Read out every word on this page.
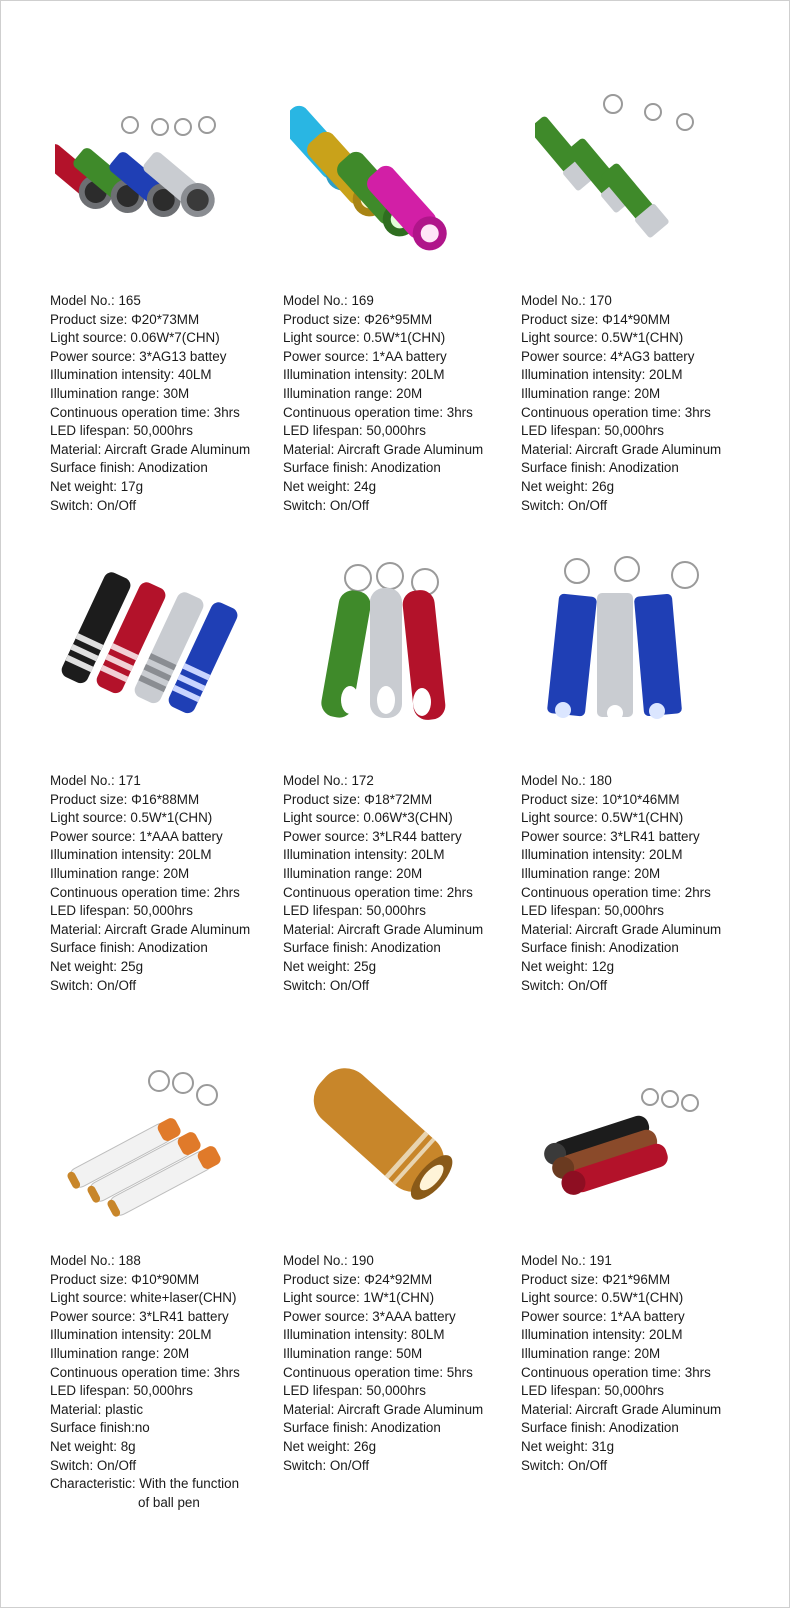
Model No.: 165
Product size: Φ20*73MM
Light source: 0.06W*7(CHN)
Power source: 3*AG13 battey
Illumination intensity: 40LM
Illumination range: 30M
Continuous operation time: 3hrs
LED lifespan: 50,000hrs
Material: Aircraft Grade Aluminum
Surface finish: Anodization
Net weight: 17g
Switch: On/Off
Model No.: 169
Product size: Φ26*95MM
Light source: 0.5W*1(CHN)
Power source: 1*AA battery
Illumination intensity: 20LM
Illumination range: 20M
Continuous operation time: 3hrs
LED lifespan: 50,000hrs
Material: Aircraft Grade Aluminum
Surface finish: Anodization
Net weight: 24g
Switch: On/Off
Model No.: 170
Product size: Φ14*90MM
Light source: 0.5W*1(CHN)
Power source: 4*AG3 battery
Illumination intensity: 20LM
Illumination range: 20M
Continuous operation time: 3hrs
LED lifespan: 50,000hrs
Material: Aircraft Grade Aluminum
Surface finish: Anodization
Net weight: 26g
Switch: On/Off
Model No.: 171
Product size: Φ16*88MM
Light source: 0.5W*1(CHN)
Power source: 1*AAA battery
Illumination intensity: 20LM
Illumination range: 20M
Continuous operation time: 2hrs
LED lifespan: 50,000hrs
Material: Aircraft Grade Aluminum
Surface finish: Anodization
Net weight: 25g
Switch: On/Off
Model No.: 172
Product size: Φ18*72MM
Light source: 0.06W*3(CHN)
Power source: 3*LR44 battery
Illumination intensity: 20LM
Illumination range: 20M
Continuous operation time: 2hrs
LED lifespan: 50,000hrs
Material: Aircraft Grade Aluminum
Surface finish: Anodization
Net weight: 25g
Switch: On/Off
Model No.: 180
Product size: 10*10*46MM
Light source: 0.5W*1(CHN)
Power source: 3*LR41 battery
Illumination intensity: 20LM
Illumination range: 20M
Continuous operation time: 2hrs
LED lifespan: 50,000hrs
Material: Aircraft Grade Aluminum
Surface finish: Anodization
Net weight: 12g
Switch: On/Off
Model No.: 188
Product size: Φ10*90MM
Light source: white+laser(CHN)
Power source: 3*LR41 battery
Illumination intensity: 20LM
Illumination range: 20M
Continuous operation time: 3hrs
LED lifespan: 50,000hrs
Material: plastic
Surface finish:no
Net weight: 8g
Switch: On/Off
Characteristic: With the function
of ball pen
Model No.: 190
Product size: Φ24*92MM
Light source: 1W*1(CHN)
Power source: 3*AAA battery
Illumination intensity: 80LM
Illumination range: 50M
Continuous operation time: 5hrs
LED lifespan: 50,000hrs
Material: Aircraft Grade Aluminum
Surface finish: Anodization
Net weight: 26g
Switch: On/Off
Model No.: 191
Product size: Φ21*96MM
Light source: 0.5W*1(CHN)
Power source: 1*AA battery
Illumination intensity: 20LM
Illumination range: 20M
Continuous operation time: 3hrs
LED lifespan: 50,000hrs
Material: Aircraft Grade Aluminum
Surface finish: Anodization
Net weight: 31g
Switch: On/Off
